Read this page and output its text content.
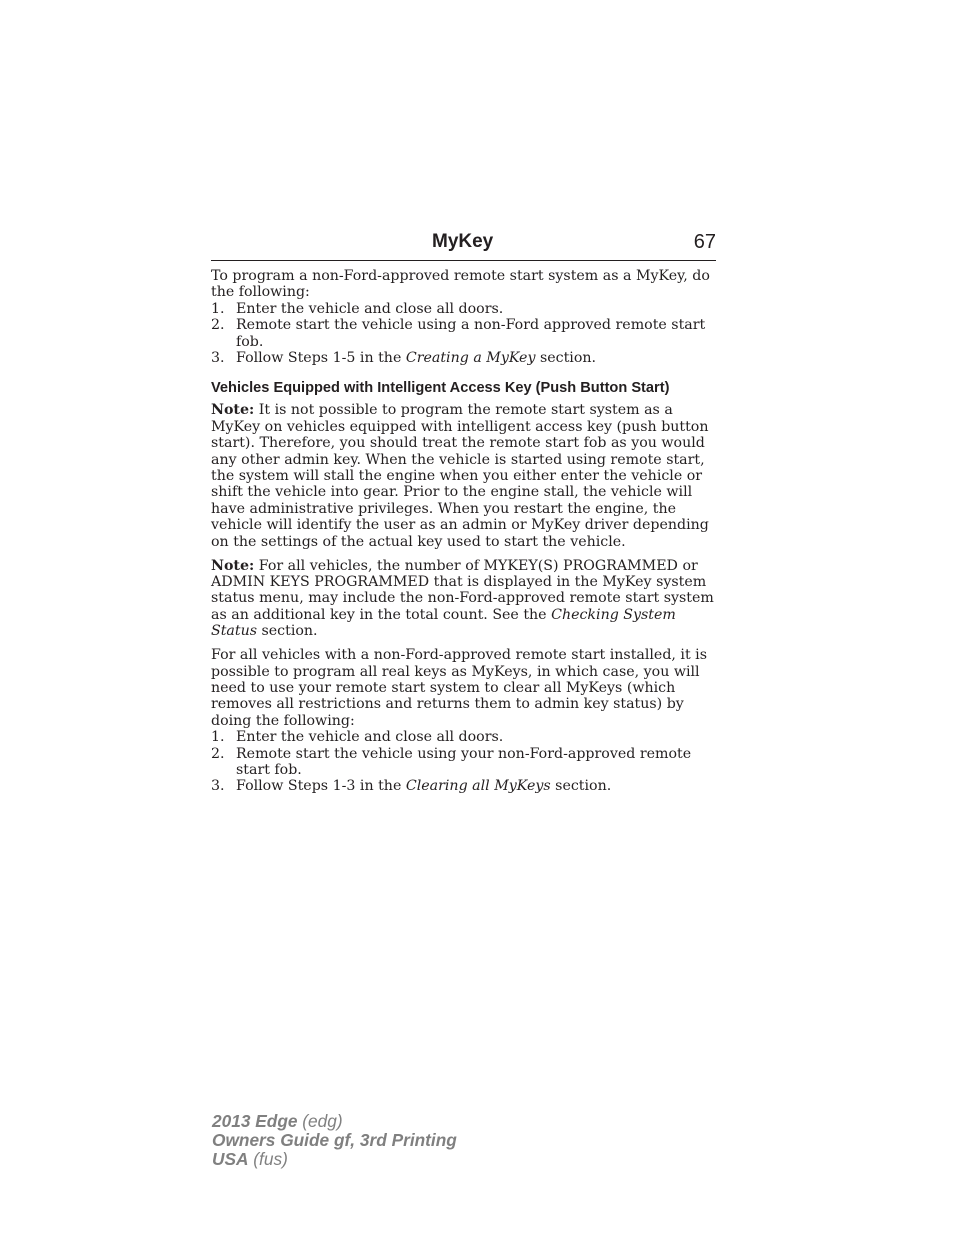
MyKey	67

To program a non-Ford-approved remote start system as a MyKey, do the following:

1. Enter the vehicle and close all doors.
2. Remote start the vehicle using a non-Ford approved remote start fob.
3. Follow Steps 1-5 in the Creating a MyKey section.
Vehicles Equipped with Intelligent Access Key (Push Button Start)

Note: It is not possible to program the remote start system as a MyKey on vehicles equipped with intelligent access key (push button start). Therefore, you should treat the remote start fob as you would any other admin key. When the vehicle is started using remote start, the system will stall the engine when you either enter the vehicle or shift the vehicle into gear. Prior to the engine stall, the vehicle will have administrative privileges. When you restart the engine, the vehicle will identify the user as an admin or MyKey driver depending on the settings of the actual key used to start the vehicle.

Note: For all vehicles, the number of MYKEY(S) PROGRAMMED or ADMIN KEYS PROGRAMMED that is displayed in the MyKey system status menu, may include the non-Ford-approved remote start system as an additional key in the total count. See the Checking System Status section.

For all vehicles with a non-Ford-approved remote start installed, it is possible to program all real keys as MyKeys, in which case, you will need to use your remote start system to clear all MyKeys (which removes all restrictions and returns them to admin key status) by doing the following:

1. Enter the vehicle and close all doors.
2. Remote start the vehicle using your non-Ford-approved remote start fob.
3. Follow Steps 1-3 in the Clearing all MyKeys section.
2013 Edge (edg)
Owners Guide gf, 3rd Printing
USA (fus)
